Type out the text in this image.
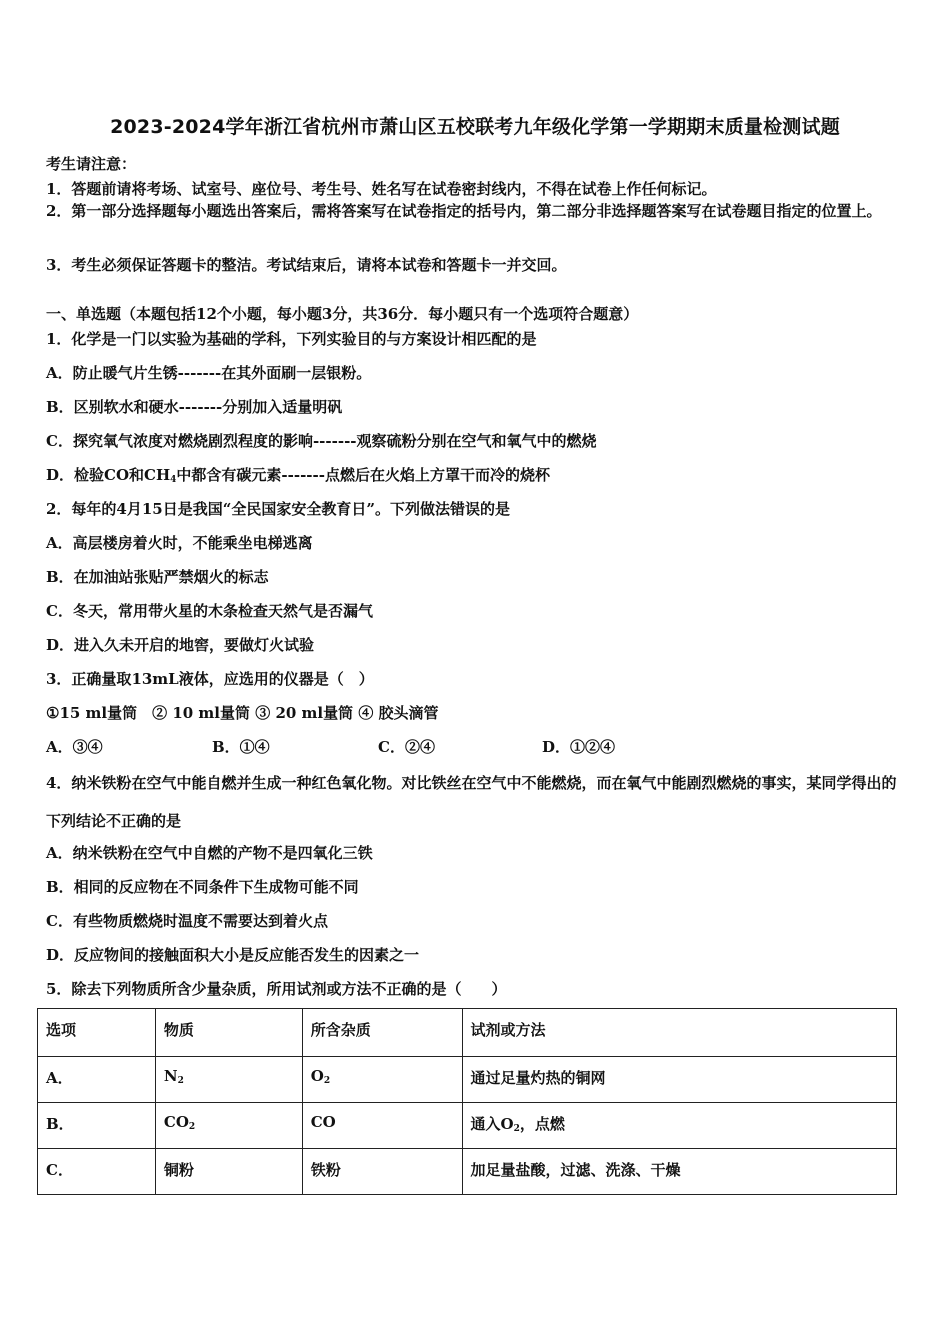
2023-2024学年浙江省杭州市萧山区五校联考九年级化学第一学期期末质量检测试题
考生请注意：
1．答题前请将考场、试室号、座位号、考生号、姓名写在试卷密封线内，不得在试卷上作任何标记。
2．第一部分选择题每小题选出答案后，需将答案写在试卷指定的括号内，第二部分非选择题答案写在试卷题目指定的位置上。
3．考生必须保证答题卡的整洁。考试结束后，请将本试卷和答题卡一并交回。
一、单选题（本题包括12个小题，每小题3分，共36分．每小题只有一个选项符合题意）
1．化学是一门以实验为基础的学科，下列实验目的与方案设计相匹配的是
A．防止暖气片生锈-------在其外面刷一层银粉。
B．区别软水和硬水-------分别加入适量明矾
C．探究氧气浓度对燃烧剧烈程度的影响-------观察硫粉分别在空气和氧气中的燃烧
D．检验CO和$CH_4$中都含有碳元素-------点燃后在火焰上方罩干而冷的烧杯
2．每年的4月15日是我国“全民国家安全教育日”。下列做法错误的是
A．高层楼房着火时，不能乘坐电梯逃离
B．在加油站张贴严禁烟火的标志
C．冬天，常用带火星的木条检查天然气是否漏气
D．进入久未开启的地窖，要做灯火试验
3．正确量取13mL液体，应选用的仪器是（　）
①15 ml量筒　② 10 ml量筒 ③ 20 ml量筒 ④ 胶头滴管
A．③④	B．①④	C．②④	D．①②④
4．纳米铁粉在空气中能自燃并生成一种红色氧化物。对比铁丝在空气中不能燃烧，而在氧气中能剧烈燃烧的事实，某同学得出的下列结论不正确的是
A．纳米铁粉在空气中自燃的产物不是四氧化三铁
B．相同的反应物在不同条件下生成物可能不同
C．有些物质燃烧时温度不需要达到着火点
D．反应物间的接触面积大小是反应能否发生的因素之一
5．除去下列物质所含少量杂质，所用试剂或方法不正确的是（　　）
选项	物质	所含杂质	试剂或方法
A．	$N_2$	$O_2$	通过足量灼热的铜网
B．	$CO_2$	CO	通入$O_2$，点燃
C．	铜粉	铁粉	加足量盐酸，过滤、洗涤、干燥
